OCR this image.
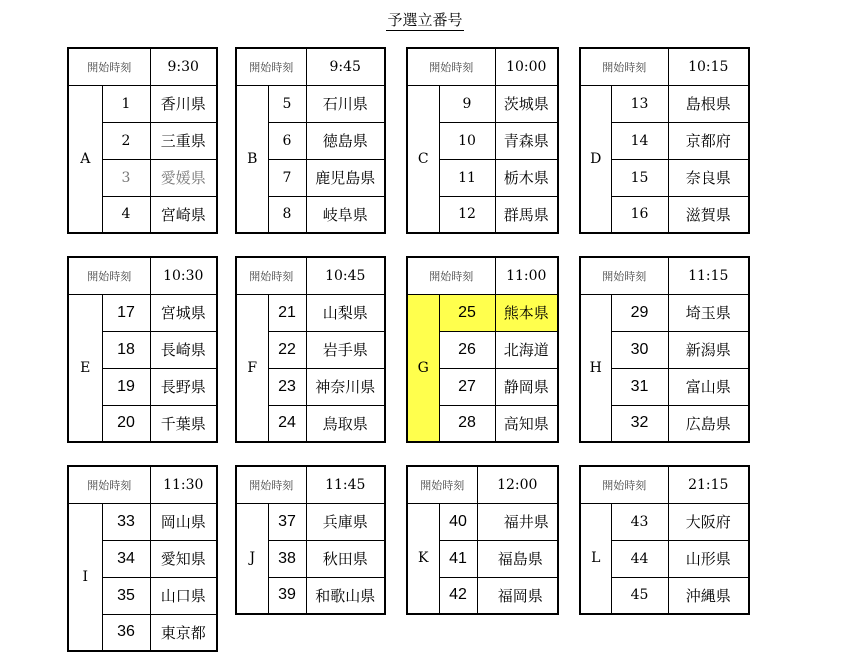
予選立番号
開始時刻		9:30
A	1	香川県
	2	三重県
	3	愛媛県
	4	宮崎県
開始時刻		9:45
B	5	石川県
	6	徳島県
	7	鹿児島県
	8	岐阜県
開始時刻		10:00
C	9	茨城県
	10	青森県
	11	栃木県
	12	群馬県
開始時刻		10:15
D	13	島根県
	14	京都府
	15	奈良県
	16	滋賀県
開始時刻		10:30
E	17	宮城県
	18	長崎県
	19	長野県
	20	千葉県
開始時刻		10:45
F	21	山梨県
	22	岩手県
	23	神奈川県
	24	鳥取県
開始時刻		11:00
G	25	熊本県
	26	北海道
	27	静岡県
	28	高知県
開始時刻		11:15
H	29	埼玉県
	30	新潟県
	31	富山県
	32	広島県
開始時刻		11:30
I	33	岡山県
	34	愛知県
	35	山口県
	36	東京都
開始時刻		11:45
J	37	兵庫県
	38	秋田県
	39	和歌山県
開始時刻		12:00
K	40	福井県
	41	福島県
	42	福岡県
開始時刻		21:15
L	43	大阪府
	44	山形県
	45	沖縄県
